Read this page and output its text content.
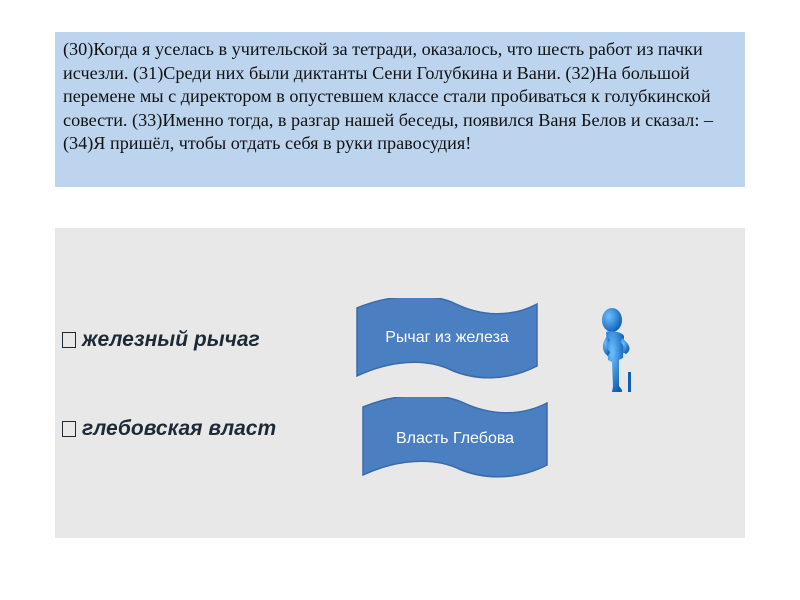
(30)Когда я уселась в учительской за тетради, оказалось, что шесть работ из пачки исчезли. (31)Среди них были диктанты Сени Голубкина и Вани. (32)На большой перемене мы с директором в опустевшем классе стали пробиваться к голубкинской совести. (33)Именно тогда, в разгар нашей беседы, появился Ваня Белов и сказал: – (34)Я пришёл, чтобы отдать себя в руки правосудия!

железный рычаг
глебовская власт
Рычаг из железа
Власть Глебова
